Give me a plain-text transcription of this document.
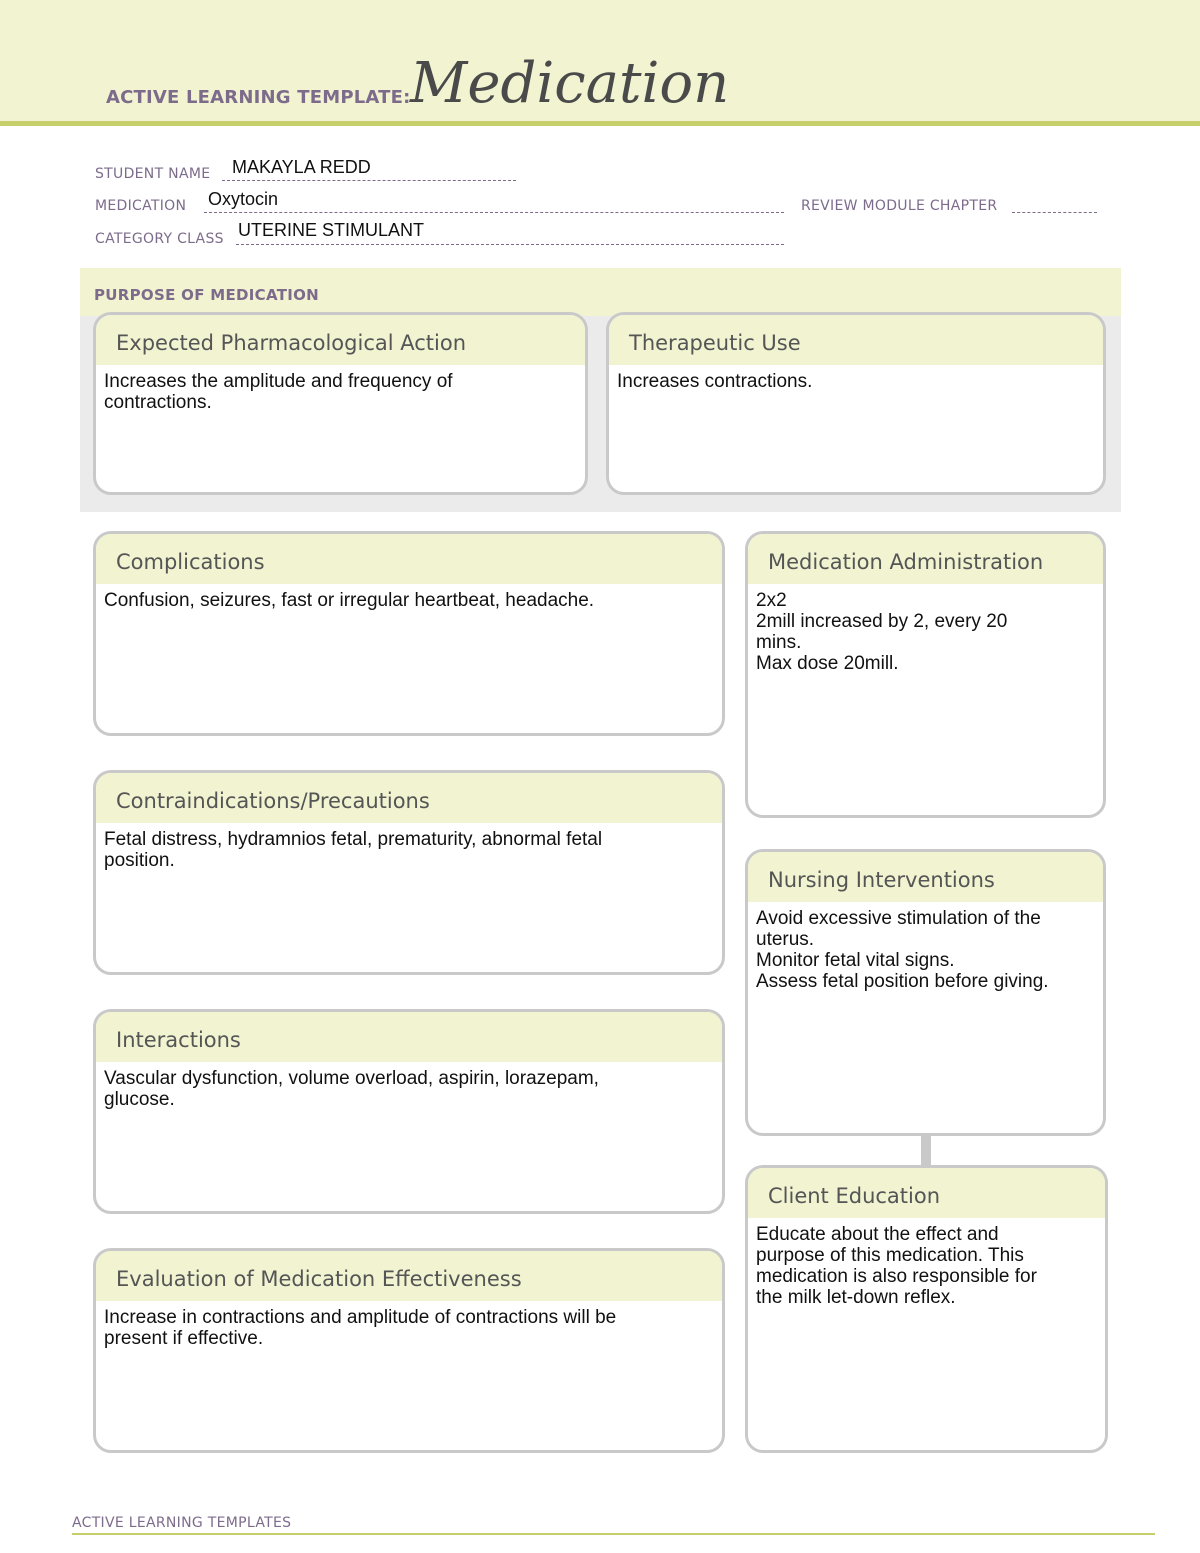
ACTIVE LEARNING TEMPLATE: Medication
STUDENT NAME MAKAYLA REDD
MEDICATION Oxytocin	REVIEW MODULE CHAPTER
CATEGORY CLASS UTERINE STIMULANT
PURPOSE OF MEDICATION
Expected Pharmacological Action
Increases the amplitude and frequency of
contractions.
Therapeutic Use
Increases contractions.
Complications
Confusion, seizures, fast or irregular heartbeat, headache.
Contraindications/Precautions
Fetal distress, hydramnios fetal, prematurity, abnormal fetal
position.
Interactions
Vascular dysfunction, volume overload, aspirin, lorazepam,
glucose.
Evaluation of Medication Effectiveness
Increase in contractions and amplitude of contractions will be
present if effective.
Medication Administration
2x2
2mill increased by 2, every 20
mins.
Max dose 20mill.
Nursing Interventions
Avoid excessive stimulation of the
uterus.
Monitor fetal vital signs.
Assess fetal position before giving.
Client Education
Educate about the effect and
purpose of this medication. This
medication is also responsible for
the milk let-down reflex.
ACTIVE LEARNING TEMPLATES
